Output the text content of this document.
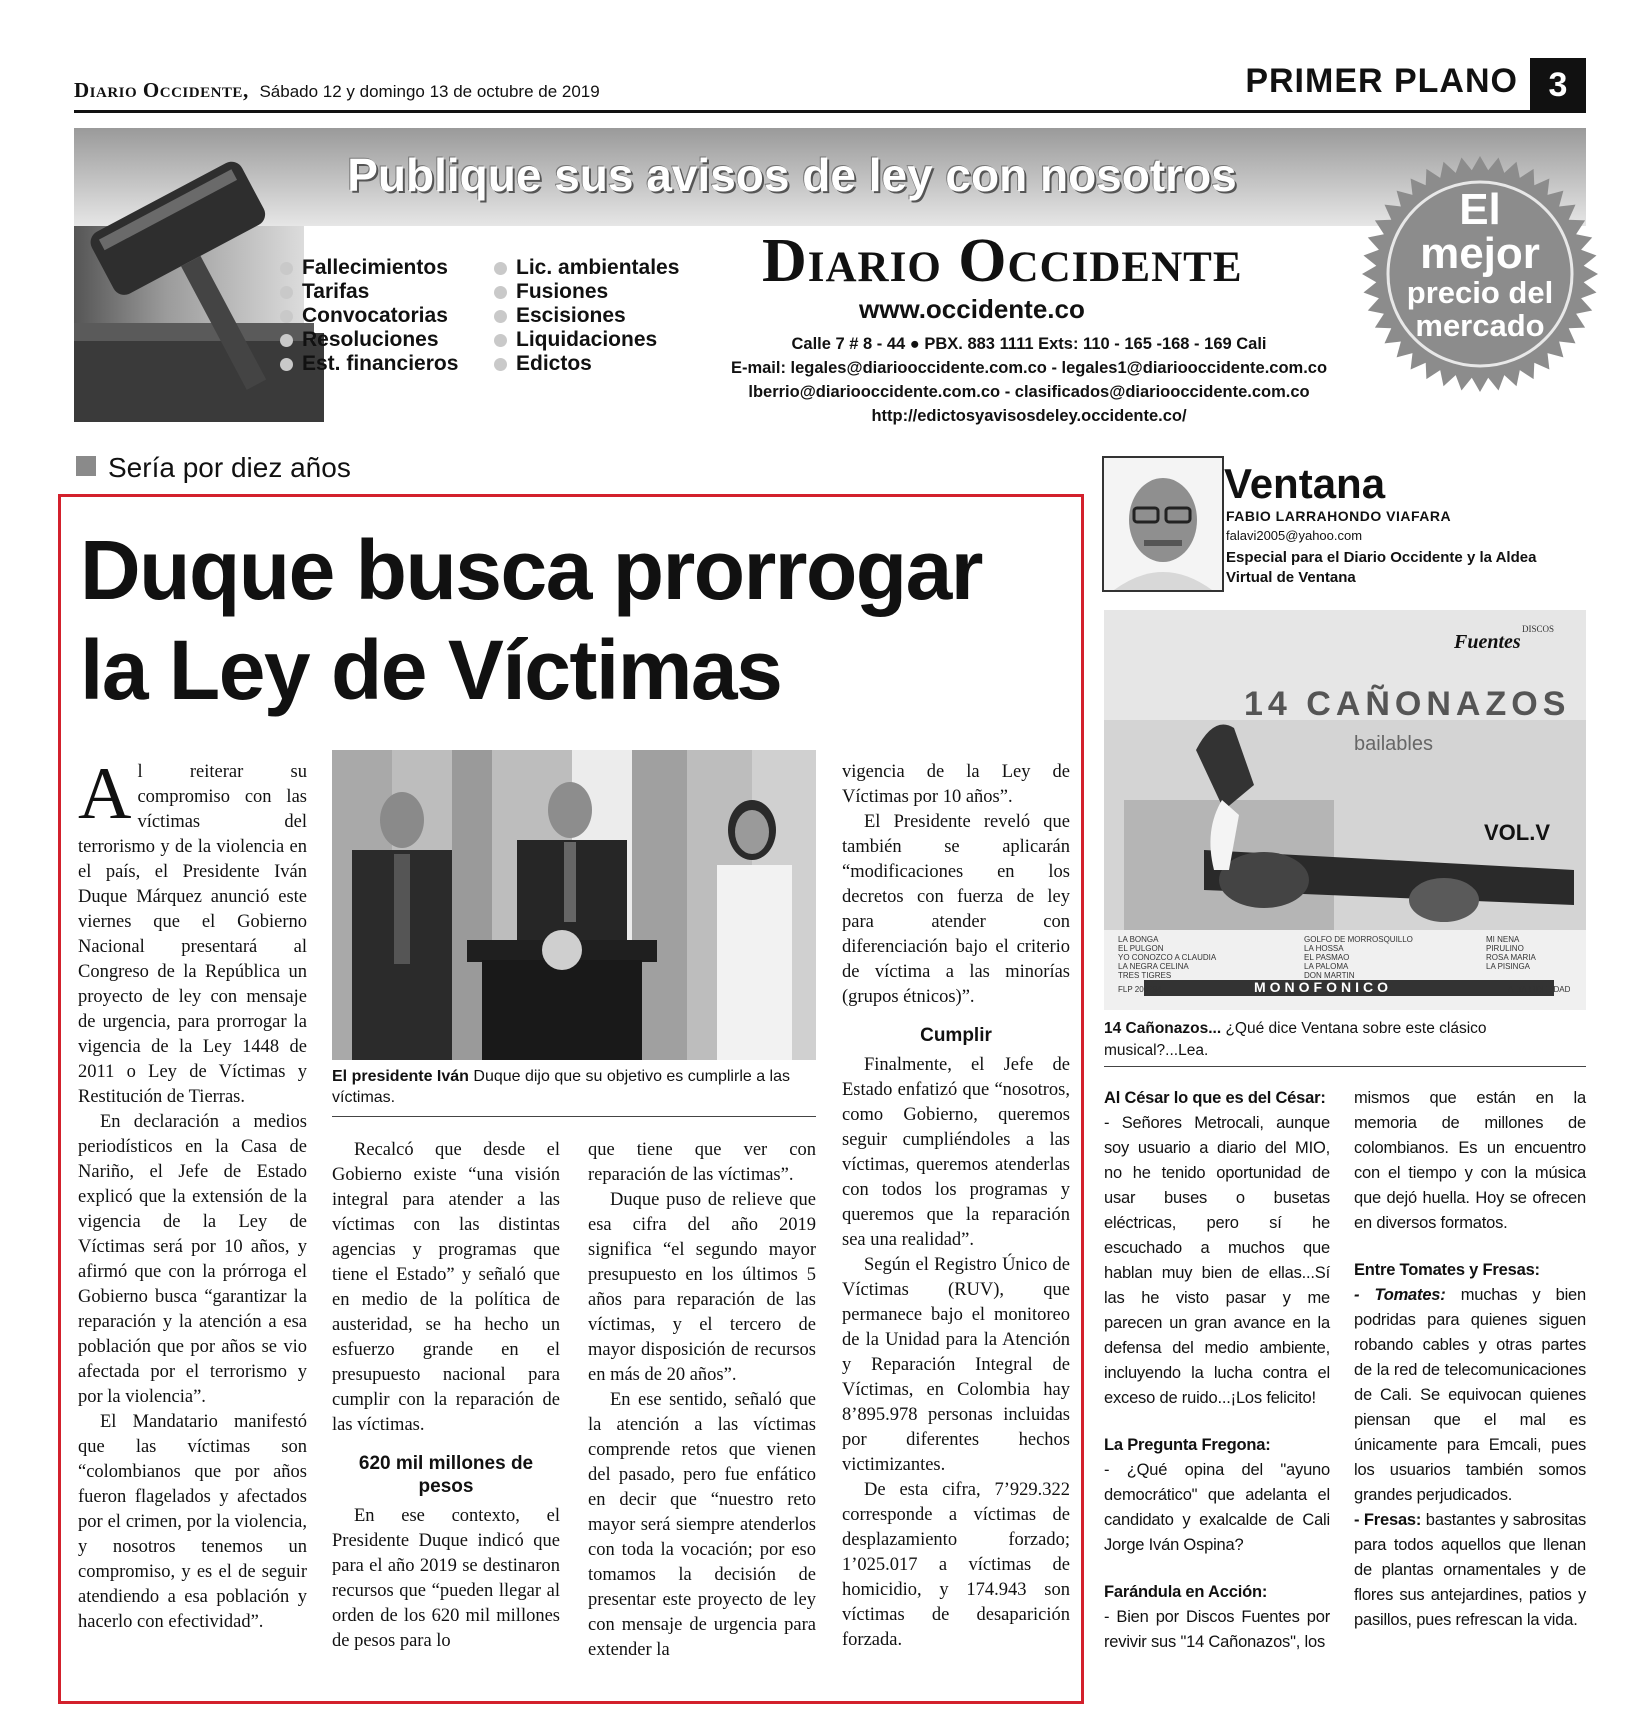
Diario Occidente, Sábado 12 y domingo 13 de octubre de 2019	PRIMER PLANO 3
Publique sus avisos de ley con nosotros
Fallecimientos
Tarifas
Convocatorias
Resoluciones
Est. financieros
Lic. ambientales
Fusiones
Escisiones
Liquidaciones
Edictos
Diario Occidente
www.occidente.co
Calle 7 # 8 - 44 ● PBX. 883 1111 Exts: 110 - 165 -168 - 169 Cali
E-mail: legales@diariooccidente.com.co - legales1@diariooccidente.com.co
lberrio@diariooccidente.com.co - clasificados@diariooccidente.com.co
http://edictosyavisosdeley.occidente.co/
El
mejor
precio del
mercado
Sería por diez años
Duque busca prorrogar
la Ley de Víctimas

Al reiterar su compromiso con las víctimas del terrorismo y de la violencia en el país, el Presidente Iván Duque Márquez anunció este viernes que el Gobierno Nacional presentará al Congreso de la República un proyecto de ley con mensaje de urgencia, para prorrogar la vigencia de la Ley 1448 de 2011 o Ley de Víctimas y Restitución de Tierras.

En declaración a medios periodísticos en la Casa de Nariño, el Jefe de Estado explicó que la extensión de la vigencia de la Ley de Víctimas será por 10 años, y afirmó que con la prórroga el Gobierno busca “garantizar la reparación y la atención a esa población que por años se vio afectada por el terrorismo y por la violencia”.

El Mandatario manifestó que las víctimas son “colombianos que por años fueron flagelados y afectados por el crimen, por la violencia, y nosotros tenemos un compromiso, y es el de seguir atendiendo a esa población y hacerlo con efectividad”.

El presidente Iván Duque dijo que su objetivo es cumplirle a las víctimas.

Recalcó que desde el Gobierno existe “una visión integral para atender a las víctimas con las distintas agencias y programas que tiene el Estado” y señaló que en medio de la política de austeridad, se ha hecho un esfuerzo grande en el presupuesto nacional para cumplir con la reparación de las víctimas.

620 mil millones de pesos

En ese contexto, el Presidente Duque indicó que para el año 2019 se destinaron recursos que “pueden llegar al orden de los 620 mil millones de pesos para lo

que tiene que ver con reparación de las víctimas”.

Duque puso de relieve que esa cifra del año 2019 significa “el segundo mayor presupuesto en los últimos 5 años para reparación de las víctimas, y el tercero de mayor disposición de recursos en más de 20 años”.

En ese sentido, señaló que la atención a las víctimas comprende retos que vienen del pasado, pero fue enfático en decir que “nuestro reto mayor será siempre atenderlos con toda la vocación; por eso tomamos la decisión de presentar este proyecto de ley con mensaje de urgencia para extender la

vigencia de la Ley de Víctimas por 10 años”.

El Presidente reveló que también se aplicarán “modificaciones en los decretos con fuerza de ley para atender con diferenciación bajo el criterio de víctima a las minorías (grupos étnicos)”.

Cumplir

Finalmente, el Jefe de Estado enfatizó que “nosotros, como Gobierno, queremos seguir cumpliéndoles a las víctimas, queremos atenderlas con todos los programas y queremos que la reparación sea una realidad”.

Según el Registro Único de Víctimas (RUV), que permanece bajo el monitoreo de la Unidad para la Atención y Reparación Integral de Víctimas, en Colombia hay 8’895.978 personas incluidas por diferentes hechos victimizantes.

De esta cifra, 7’929.322 corresponde a víctimas de desplazamiento forzado; 1’025.017 a víctimas de homicidio, y 174.943 son víctimas de desaparición forzada.

Ventana
FABIO LARRAHONDO VIAFARA
falavi2005@yahoo.com
Especial para el Diario Occidente y la Aldea Virtual de Ventana
DISCOS
Fuentes
14 CAÑONAZOS
bailables
VOL.V
LA BONGA
EL PULGON
YO CONOZCO A CLAUDIA
LA NEGRA CELINA
TRES TIGRES
GOLFO DE MORROSQUILLO
LA HOSSA
EL PASMAO
LA PALOMA
DON MARTIN
MI NENA
PIRULINO
ROSA MARIA
LA PISINGA
FLP 200284	ALTA FIDELIDAD
MONOFONICO
14 Cañonazos... ¿Qué dice Ventana sobre este clásico musical?...Lea.
Al César lo que es del César:

- Señores Metrocali, aunque soy usuario a diario del MIO, no he tenido oportunidad de usar buses o busetas eléctricas, pero sí he escuchado a muchos que hablan muy bien de ellas...Sí las he visto pasar y me parecen un gran avance en la defensa del medio ambiente, incluyendo la lucha contra el exceso de ruido...¡Los felicito!

La Pregunta Fregona:

- ¿Qué opina del "ayuno democrático" que adelanta el candidato y exalcalde de Cali Jorge Iván Ospina?

Farándula en Acción:

- Bien por Discos Fuentes por revivir sus "14 Cañonazos", los

mismos que están en la memoria de millones de colombianos. Es un encuentro con el tiempo y con la música que dejó huella. Hoy se ofrecen en diversos formatos.

Entre Tomates y Fresas:

- Tomates: muchas y bien podridas para quienes siguen robando cables y otras partes de la red de telecomunicaciones de Cali. Se equivocan quienes piensan que el mal es únicamente para Emcali, pues los usuarios también somos grandes perjudicados.

- Fresas: bastantes y sabrositas para todos aquellos que llenan de plantas ornamentales y de flores sus antejardines, patios y pasillos, pues refrescan la vida.
